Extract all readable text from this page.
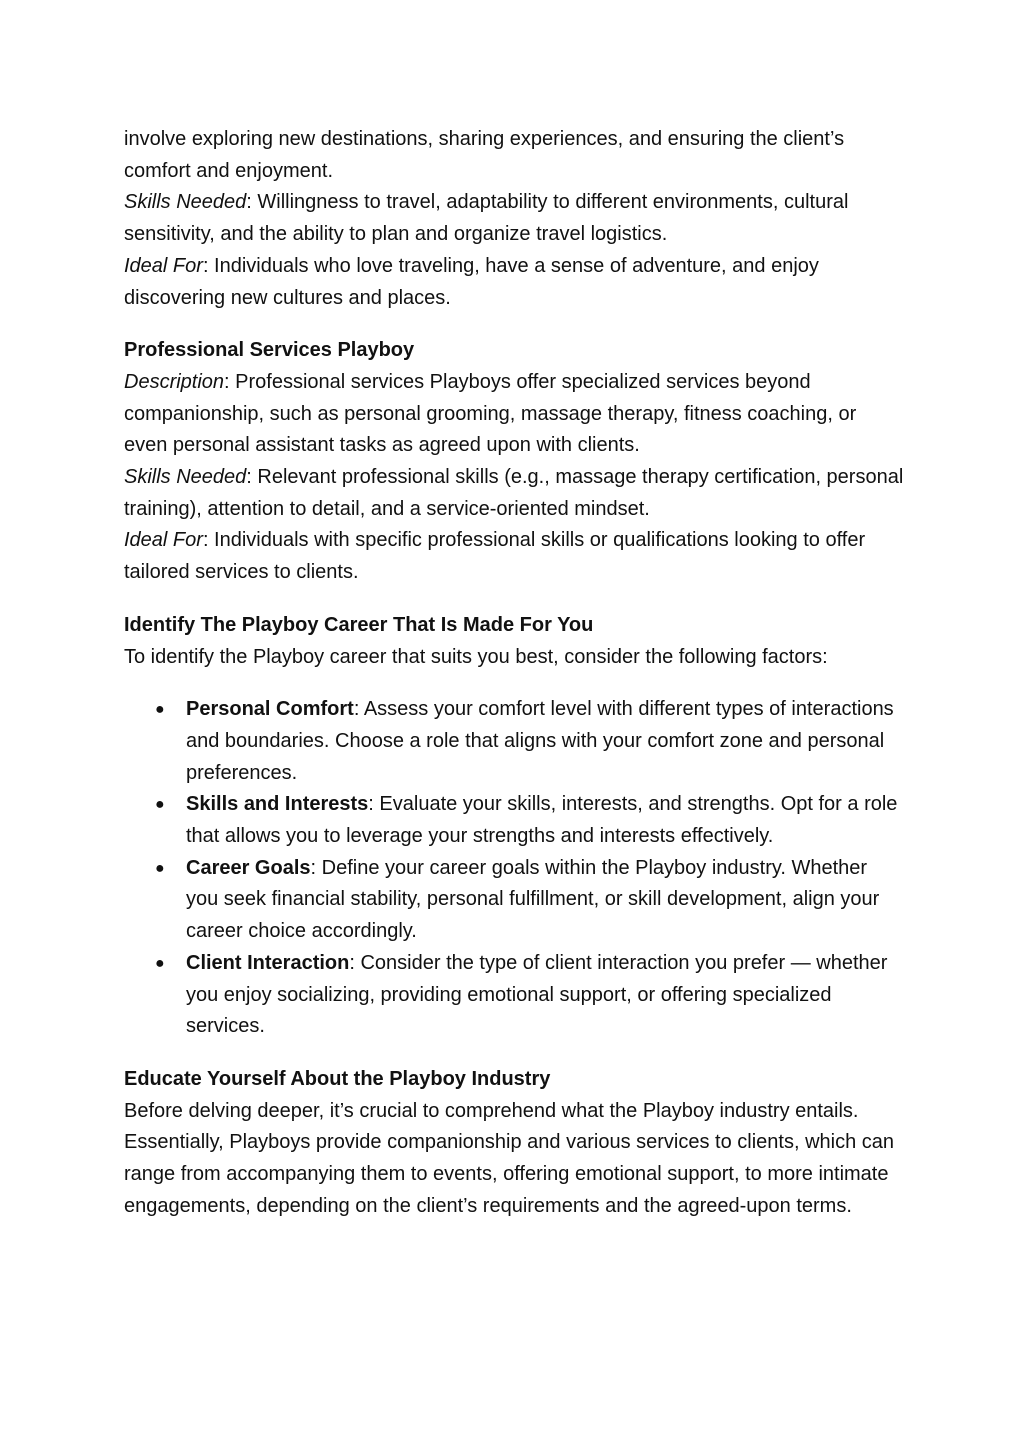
involve exploring new destinations, sharing experiences, and ensuring the client’s comfort and enjoyment.

Skills Needed: Willingness to travel, adaptability to different environments, cultural sensitivity, and the ability to plan and organize travel logistics.

Ideal For: Individuals who love traveling, have a sense of adventure, and enjoy discovering new cultures and places.

Professional Services Playboy

Description: Professional services Playboys offer specialized services beyond companionship, such as personal grooming, massage therapy, fitness coaching, or even personal assistant tasks as agreed upon with clients.

Skills Needed: Relevant professional skills (e.g., massage therapy certification, personal training), attention to detail, and a service-oriented mindset.

Ideal For: Individuals with specific professional skills or qualifications looking to offer tailored services to clients.

Identify The Playboy Career That Is Made For You

To identify the Playboy career that suits you best, consider the following factors:

● Personal Comfort: Assess your comfort level with different types of interactions and boundaries. Choose a role that aligns with your comfort zone and personal preferences.
● Skills and Interests: Evaluate your skills, interests, and strengths. Opt for a role that allows you to leverage your strengths and interests effectively.
● Career Goals: Define your career goals within the Playboy industry. Whether you seek financial stability, personal fulfillment, or skill development, align your career choice accordingly.
● Client Interaction: Consider the type of client interaction you prefer — whether you enjoy socializing, providing emotional support, or offering specialized services.

Educate Yourself About the Playboy Industry

Before delving deeper, it’s crucial to comprehend what the Playboy industry entails. Essentially, Playboys provide companionship and various services to clients, which can range from accompanying them to events, offering emotional support, to more intimate engagements, depending on the client’s requirements and the agreed-upon terms.
